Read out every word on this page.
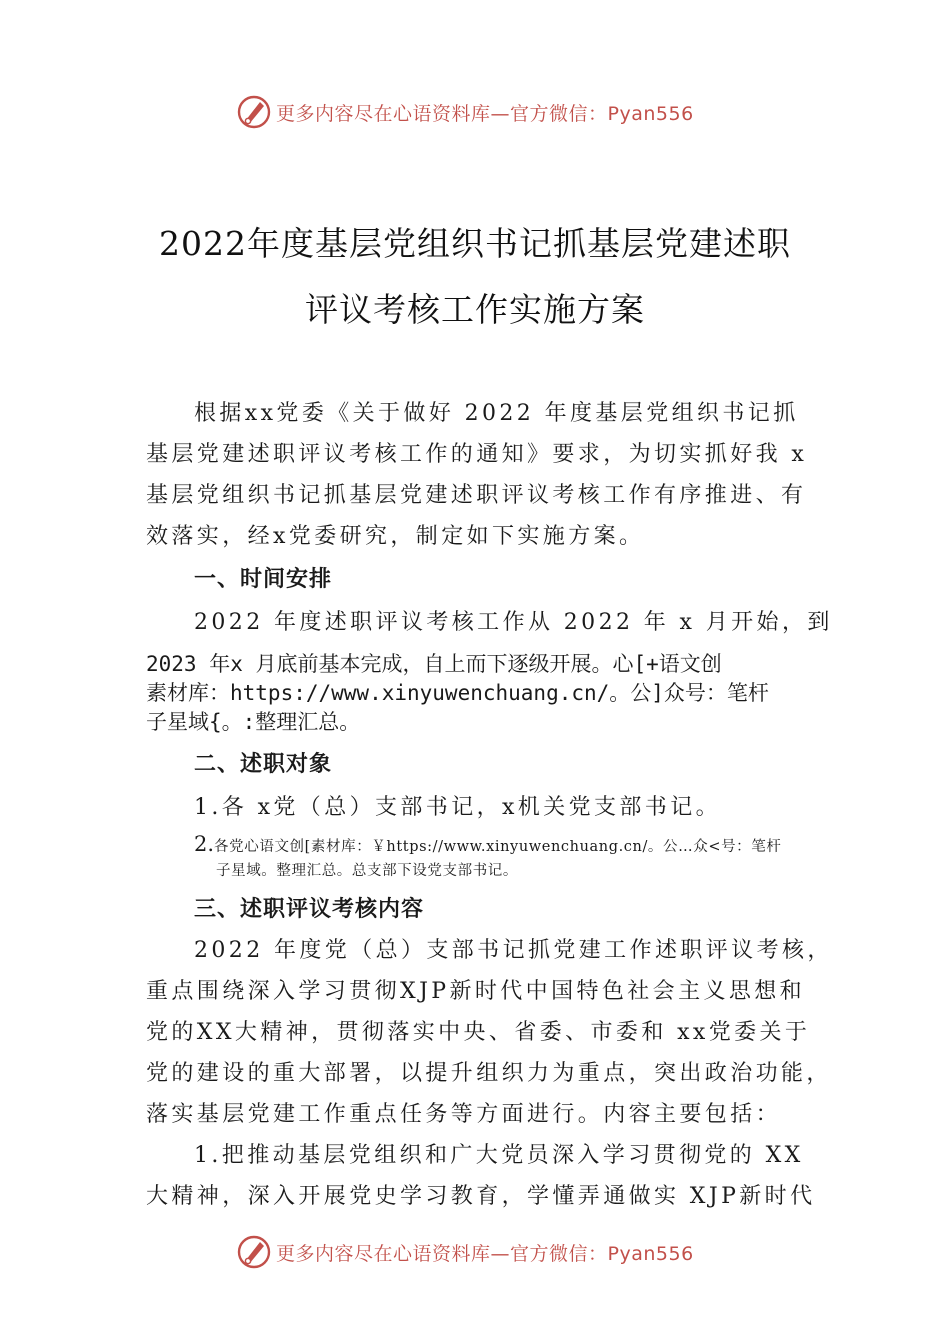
更多内容尽在心语资料库—官方微信：Pyan556
2022年度基层党组织书记抓基层党建述职
评议考核工作实施方案
根据xx党委《关于做好 2022 年度基层党组织书记抓
基层党建述职评议考核工作的通知》要求，为切实抓好我 x
基层党组织书记抓基层党建述职评议考核工作有序推进、有
效落实，经x党委研究，制定如下实施方案。
一、时间安排
2022 年度述职评议考核工作从 2022 年 x 月开始，到
2023 年x 月底前基本完成，自上而下逐级开展。心[+语文创
素材库：https://www.xinyuwenchuang.cn/。公]众号：笔杆
子星域{。:整理汇总。
二、述职对象
1.各 x党（总）支部书记，x机关党支部书记。
2.各党心语文创[素材库：￥https://www.xinyuwenchuang.cn/。公…众<号：笔杆
子星域。整理汇总。总支部下设党支部书记。
三、述职评议考核内容
2022 年度党（总）支部书记抓党建工作述职评议考核，
重点围绕深入学习贯彻XJP新时代中国特色社会主义思想和
党的XX大精神，贯彻落实中央、省委、市委和 xx党委关于
党的建设的重大部署，以提升组织力为重点，突出政治功能，
落实基层党建工作重点任务等方面进行。内容主要包括：
1.把推动基层党组织和广大党员深入学习贯彻党的 XX
大精神，深入开展党史学习教育，学懂弄通做实 XJP新时代
更多内容尽在心语资料库—官方微信：Pyan556
